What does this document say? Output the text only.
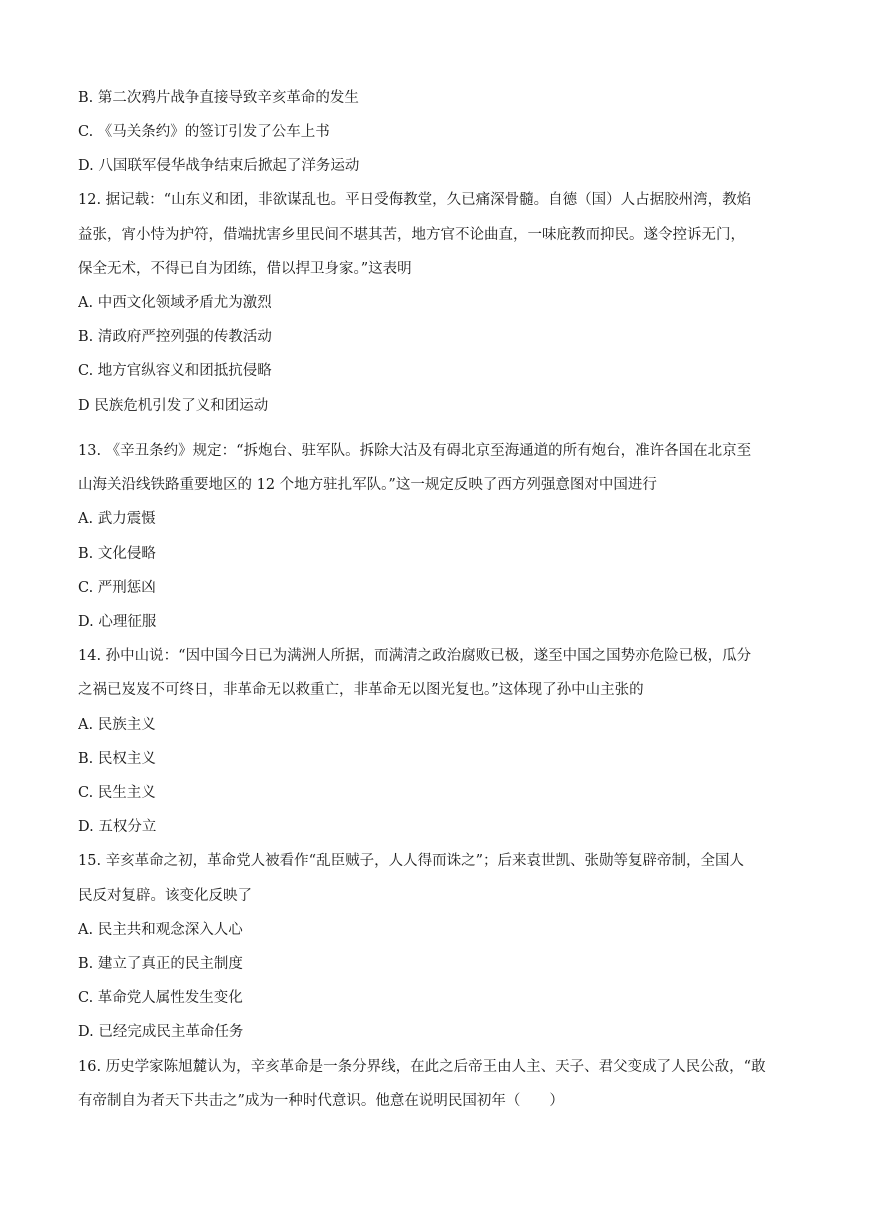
B. 第二次鸦片战争直接导致辛亥革命的发生
C. 《马关条约》的签订引发了公车上书
D. 八国联军侵华战争结束后掀起了洋务运动
12. 据记载：“山东义和团，非欲谋乱也。平日受侮教堂，久已痛深骨髓。自德（国）人占据胶州湾，教焰
益张，宵小恃为护符，借端扰害乡里民间不堪其苦，地方官不论曲直，一味庇教而抑民。遂令控诉无门，
保全无术，不得已自为团练，借以捍卫身家。”这表明
A. 中西文化领域矛盾尤为激烈
B. 清政府严控列强的传教活动
C. 地方官纵容义和团抵抗侵略
D 民族危机引发了义和团运动
13. 《辛丑条约》规定：“拆炮台、驻军队。拆除大沽及有碍北京至海通道的所有炮台，准许各国在北京至
山海关沿线铁路重要地区的 12 个地方驻扎军队。”这一规定反映了西方列强意图对中国进行
A. 武力震慑
B. 文化侵略
C. 严刑惩凶
D. 心理征服
14. 孙中山说：“因中国今日已为满洲人所据，而满清之政治腐败已极，遂至中国之国势亦危险已极，瓜分
之祸已岌岌不可终日，非革命无以救重亡，非革命无以图光复也。”这体现了孙中山主张的
A. 民族主义
B. 民权主义
C. 民生主义
D. 五权分立
15. 辛亥革命之初，革命党人被看作“乱臣贼子，人人得而诛之”；后来袁世凯、张勋等复辟帝制，全国人
民反对复辟。该变化反映了
A. 民主共和观念深入人心
B. 建立了真正的民主制度
C. 革命党人属性发生变化
D. 已经完成民主革命任务
16. 历史学家陈旭麓认为，辛亥革命是一条分界线，在此之后帝王由人主、天子、君父变成了人民公敌，“敢
有帝制自为者天下共击之”成为一种时代意识。他意在说明民国初年（　　）
